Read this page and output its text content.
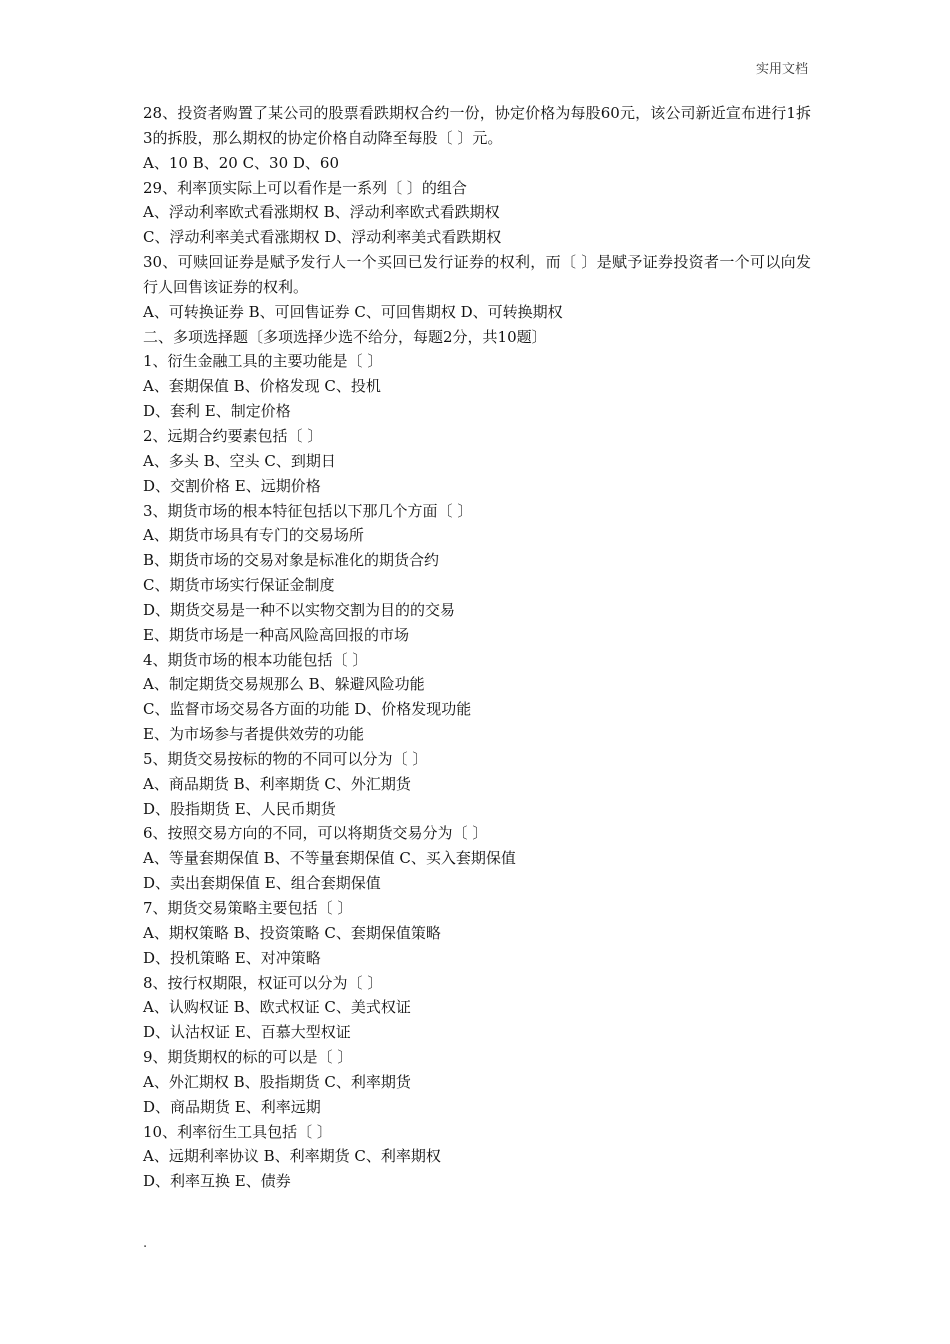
实用文档
28、投资者购置了某公司的股票看跌期权合约一份，协定价格为每股60元，该公司新近宣布进行1拆3的拆股，那么期权的协定价格自动降至每股〔 〕元。
A、10 B、20 C、30 D、60
29、利率顶实际上可以看作是一系列〔 〕的组合
A、浮动利率欧式看涨期权 B、浮动利率欧式看跌期权
C、浮动利率美式看涨期权 D、浮动利率美式看跌期权
30、可赎回证券是赋予发行人一个买回已发行证券的权利，而〔 〕是赋予证券投资者一个可以向发行人回售该证券的权利。
A、可转换证券 B、可回售证券 C、可回售期权 D、可转换期权
二、多项选择题〔多项选择少选不给分，每题2分，共10题〕
1、衍生金融工具的主要功能是〔 〕
A、套期保值 B、价格发现 C、投机
D、套利 E、制定价格
2、远期合约要素包括〔 〕
A、多头 B、空头 C、到期日
D、交割价格 E、远期价格
3、期货市场的根本特征包括以下那几个方面〔 〕
A、期货市场具有专门的交易场所
B、期货市场的交易对象是标准化的期货合约
C、期货市场实行保证金制度
D、期货交易是一种不以实物交割为目的的交易
E、期货市场是一种高风险高回报的市场
4、期货市场的根本功能包括〔 〕
A、制定期货交易规那么 B、躲避风险功能
C、监督市场交易各方面的功能 D、价格发现功能
E、为市场参与者提供效劳的功能
5、期货交易按标的物的不同可以分为〔 〕
A、商品期货 B、利率期货 C、外汇期货
D、股指期货 E、人民币期货
6、按照交易方向的不同，可以将期货交易分为〔 〕
A、等量套期保值 B、不等量套期保值 C、买入套期保值
D、卖出套期保值 E、组合套期保值
7、期货交易策略主要包括〔 〕
A、期权策略 B、投资策略 C、套期保值策略
D、投机策略 E、对冲策略
8、按行权期限，权证可以分为〔 〕
A、认购权证 B、欧式权证 C、美式权证
D、认沽权证 E、百慕大型权证
9、期货期权的标的可以是〔 〕
A、外汇期权 B、股指期货 C、利率期货
D、商品期货 E、利率远期
10、利率衍生工具包括〔 〕
A、远期利率协议 B、利率期货 C、利率期权
D、利率互换 E、债券
.
